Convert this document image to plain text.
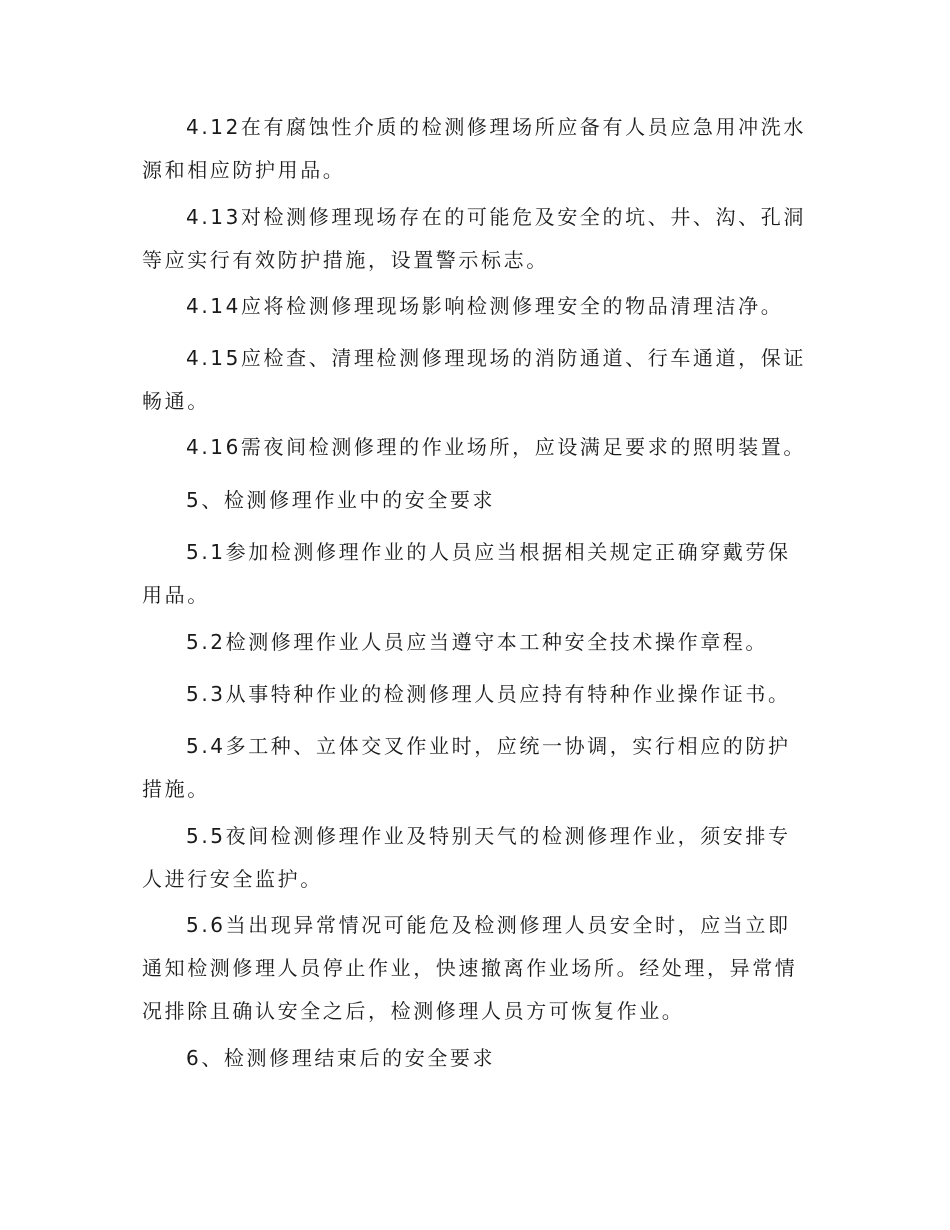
4.12在有腐蚀性介质的检测修理场所应备有人员应急用冲洗水源和相应防护用品。

4.13对检测修理现场存在的可能危及安全的坑、井、沟、孔洞等应实行有效防护措施，设置警示标志。

4.14应将检测修理现场影响检测修理安全的物品清理洁净。

4.15应检查、清理检测修理现场的消防通道、行车通道，保证畅通。

4.16需夜间检测修理的作业场所，应设满足要求的照明装置。

5、检测修理作业中的安全要求

5.1参加检测修理作业的人员应当根据相关规定正确穿戴劳保用品。

5.2检测修理作业人员应当遵守本工种安全技术操作章程。

5.3从事特种作业的检测修理人员应持有特种作业操作证书。

5.4多工种、立体交叉作业时，应统一协调，实行相应的防护措施。

5.5夜间检测修理作业及特别天气的检测修理作业，须安排专人进行安全监护。

5.6当出现异常情况可能危及检测修理人员安全时，应当立即通知检测修理人员停止作业，快速撤离作业场所。经处理，异常情况排除且确认安全之后，检测修理人员方可恢复作业。

6、检测修理结束后的安全要求
